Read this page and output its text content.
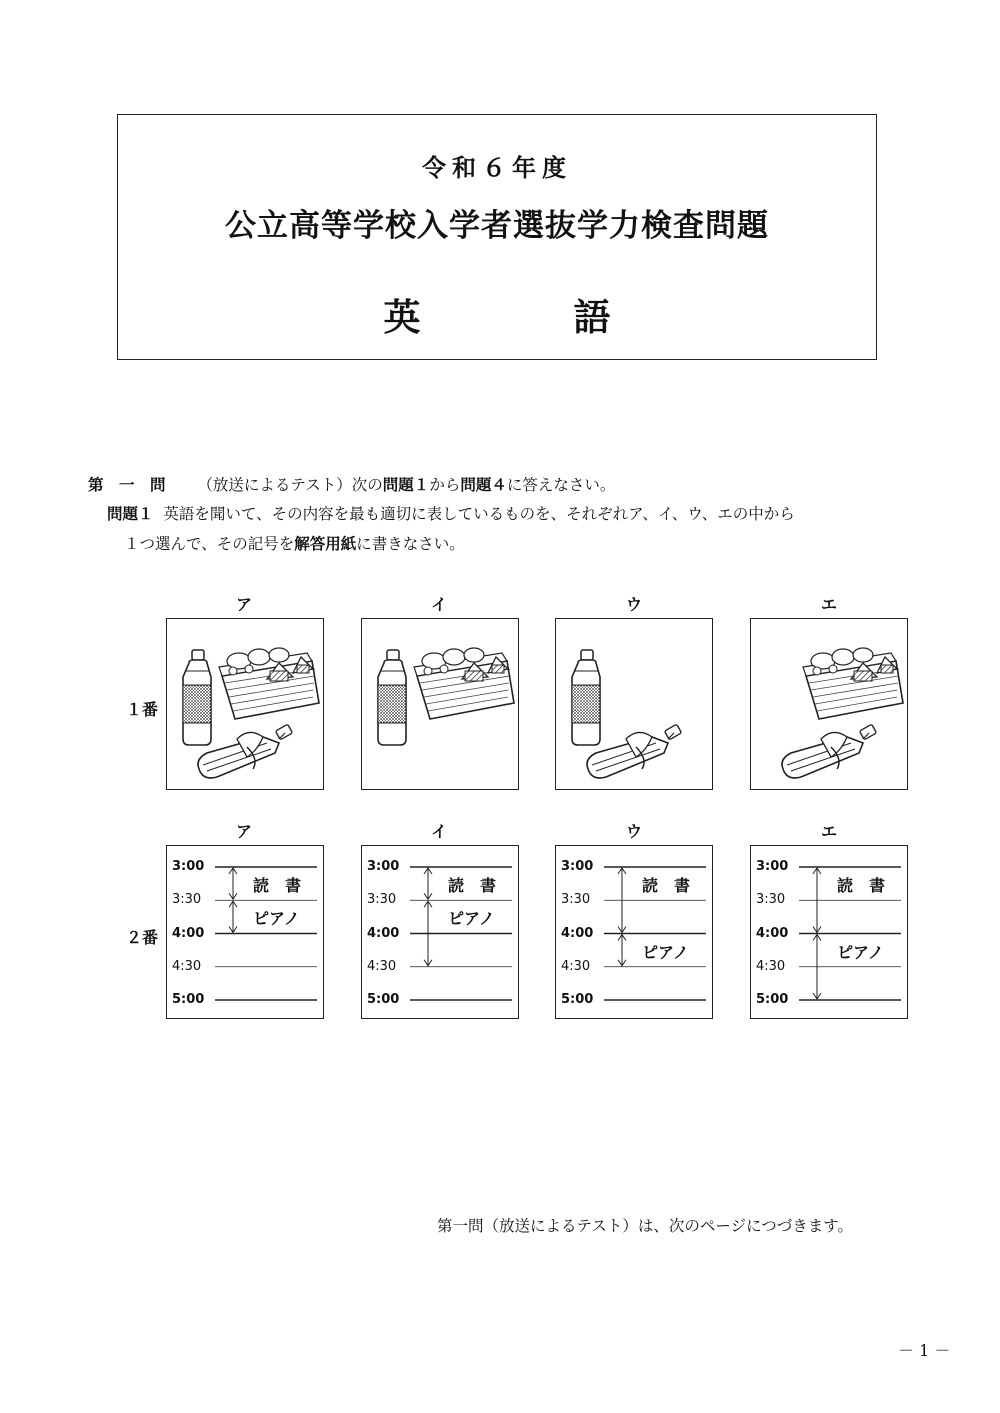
令和６年度
公立高等学校入学者選抜学力検査問題
英　語
第　一　問 （放送によるテスト）次の問題１から問題４に答えなさい。
問題１ 英語を聞いて、その内容を最も適切に表しているものを、それぞれア、イ、ウ、エの中から
１つ選んで、その記号を解答用紙に書きなさい。
ア	イ	ウ	エ
１番
ア	イ	ウ	エ
２番
3:00
3:30
4:00
4:30
5:00
読　書
ピアノ
3:00
3:30
4:00
4:30
5:00
読　書
ピアノ
3:00
3:30
4:00
4:30
5:00
読　書
ピアノ
3:00
3:30
4:00
4:30
5:00
読　書
ピアノ
第一問（放送によるテスト）は、次のページにつづきます。
－ 1 －
